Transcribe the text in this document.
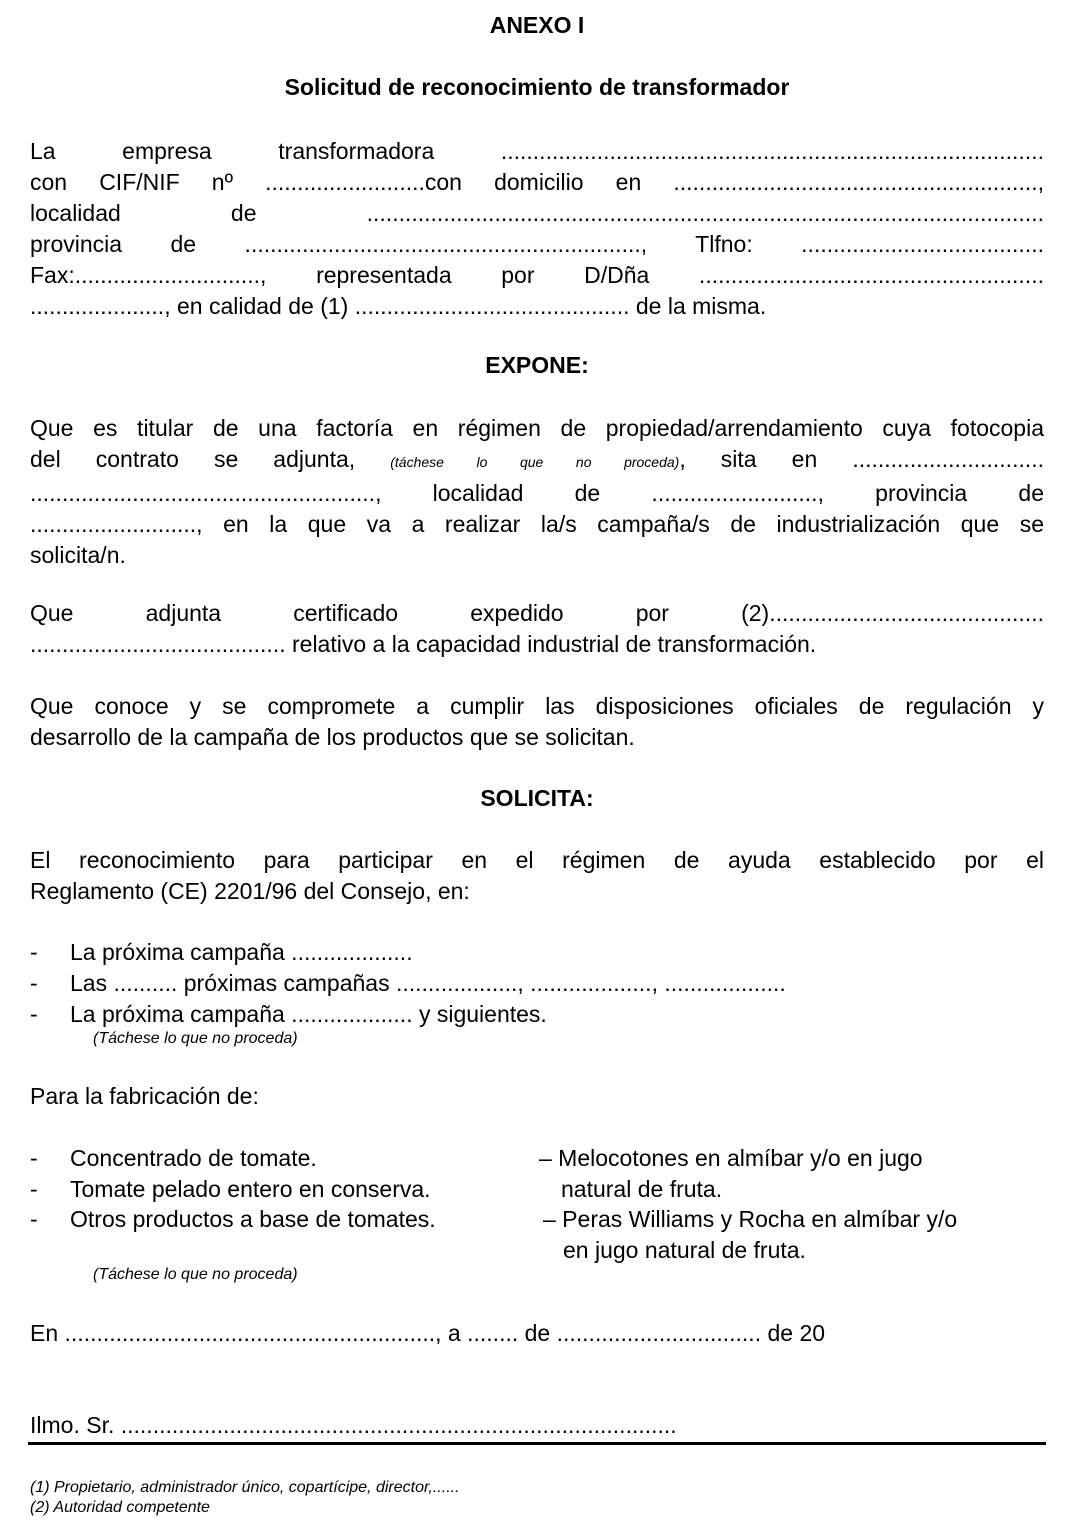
ANEXO I
Solicitud de reconocimiento de transformador
La empresa transformadora .....................................................................................
con CIF/NIF nº .........................con domicilio en .........................................................,
localidad de ..........................................................................................................
provincia de .............................................................., Tlfno: ......................................
Fax:............................., representada por D/Dña ......................................................
....................., en calidad de (1) ........................................... de la misma.
EXPONE:
Que es titular de una factoría en régimen de propiedad/arrendamiento cuya fotocopia
del contrato se adjunta,	(táchese lo que no proceda), sita en ..............................
......................................................, localidad de .........................., provincia de
.........................., en la que va a realizar la/s campaña/s de industrialización que se
solicita/n.
Que adjunta certificado expedido por (2)...........................................
........................................ relativo a la capacidad industrial de transformación.
Que conoce y se compromete a cumplir las disposiciones oficiales de regulación y
desarrollo de la campaña de los productos que se solicitan.
SOLICITA:
El reconocimiento para participar en el régimen de ayuda establecido por el
Reglamento (CE) 2201/96 del Consejo, en:
- La próxima campaña ...................
- Las .......... próximas campañas ..................., ..................., ...................
- La próxima campaña ................... y siguientes.
(Táchese lo que no proceda)
Para la fabricación de:
- Concentrado de tomate.
- Tomate pelado entero en conserva.
- Otros productos a base de tomates.
– Melocotones en almíbar y/o en jugo
natural de fruta.
– Peras Williams y Rocha en almíbar y/o
en jugo natural de fruta.
(Táchese lo que no proceda)
En .........................................................., a ........ de ................................ de 20
Ilmo. Sr. .......................................................................................
(1) Propietario, administrador único, copartícipe, director,......
(2) Autoridad competente
